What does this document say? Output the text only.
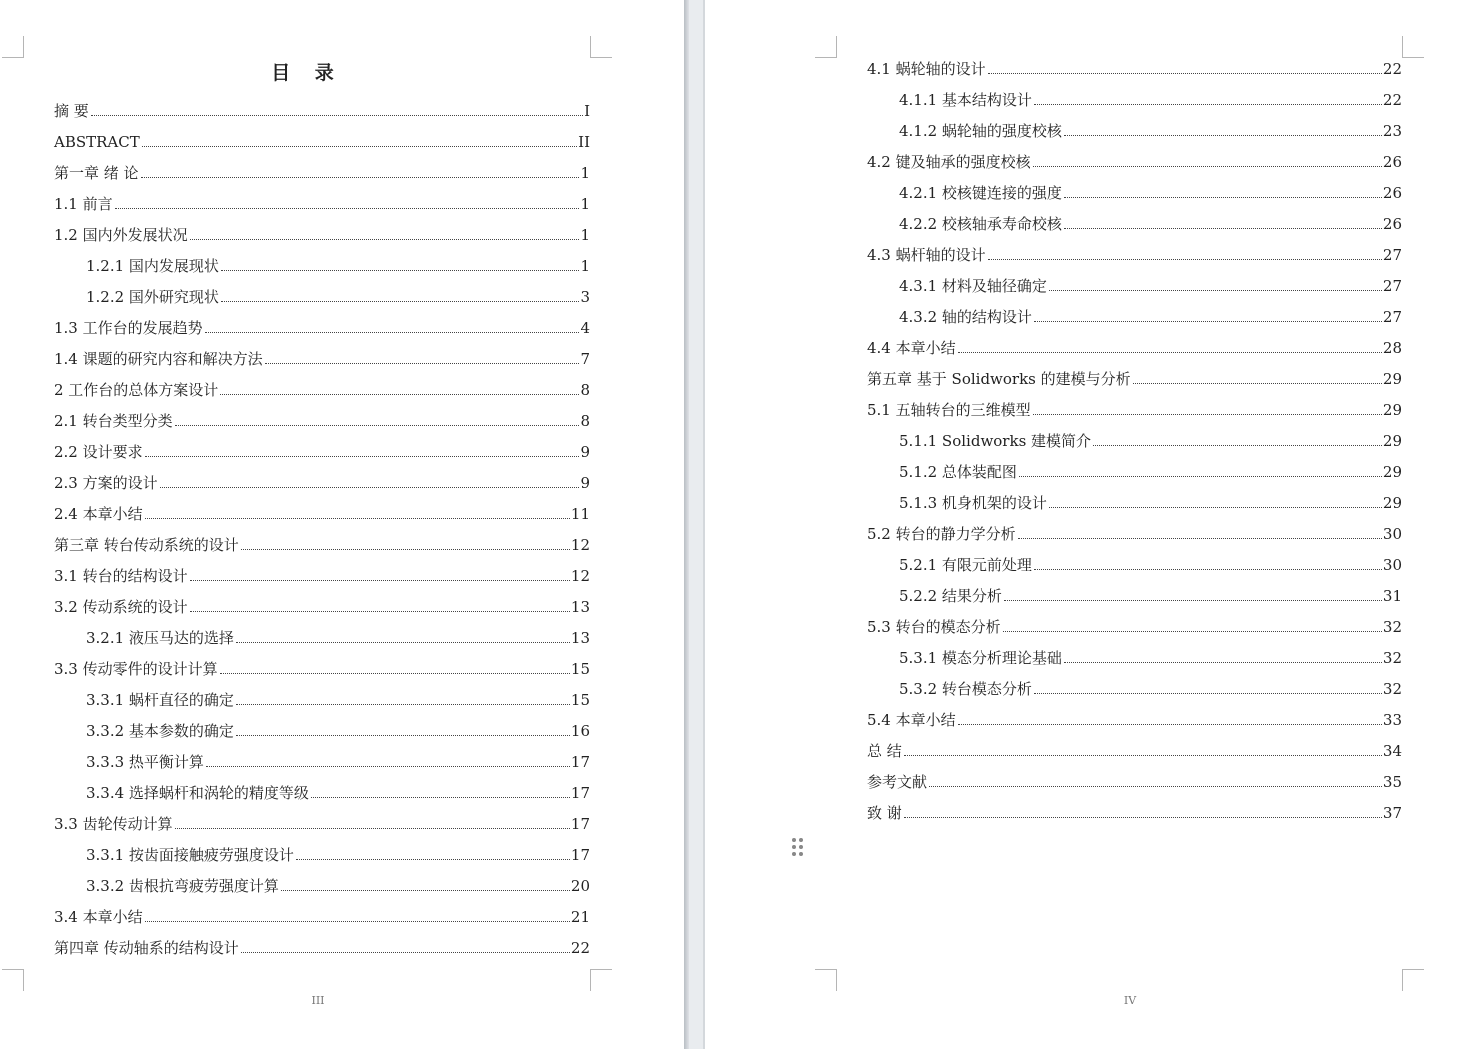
目 录
摘 要	I
ABSTRACT	II
第一章 绪 论	1
1.1 前言	1
1.2 国内外发展状况	1
1.2.1 国内发展现状	1
1.2.2 国外研究现状	3
1.3 工作台的发展趋势	4
1.4 课题的研究内容和解决方法	7
2 工作台的总体方案设计	8
2.1 转台类型分类	8
2.2 设计要求	9
2.3 方案的设计	9
2.4 本章小结	11
第三章 转台传动系统的设计	12
3.1 转台的结构设计	12
3.2 传动系统的设计	13
3.2.1 液压马达的选择	13
3.3 传动零件的设计计算	15
3.3.1 蜗杆直径的确定	15
3.3.2 基本参数的确定	16
3.3.3 热平衡计算	17
3.3.4 选择蜗杆和涡轮的精度等级	17
3.3 齿轮传动计算	17
3.3.1 按齿面接触疲劳强度设计	17
3.3.2 齿根抗弯疲劳强度计算	20
3.4 本章小结	21
第四章 传动轴系的结构设计	22
III
4.1 蜗轮轴的设计	22
4.1.1 基本结构设计	22
4.1.2 蜗轮轴的强度校核	23
4.2 键及轴承的强度校核	26
4.2.1 校核键连接的强度	26
4.2.2 校核轴承寿命校核	26
4.3 蜗杆轴的设计	27
4.3.1 材料及轴径确定	27
4.3.2 轴的结构设计	27
4.4 本章小结	28
第五章 基于 Solidworks 的建模与分析	29
5.1 五轴转台的三维模型	29
5.1.1 Solidworks 建模简介	29
5.1.2 总体装配图	29
5.1.3 机身机架的设计	29
5.2 转台的静力学分析	30
5.2.1 有限元前处理	30
5.2.2 结果分析	31
5.3 转台的模态分析	32
5.3.1 模态分析理论基础	32
5.3.2 转台模态分析	32
5.4 本章小结	33
总 结	34
参考文献	35
致 谢	37
IV
